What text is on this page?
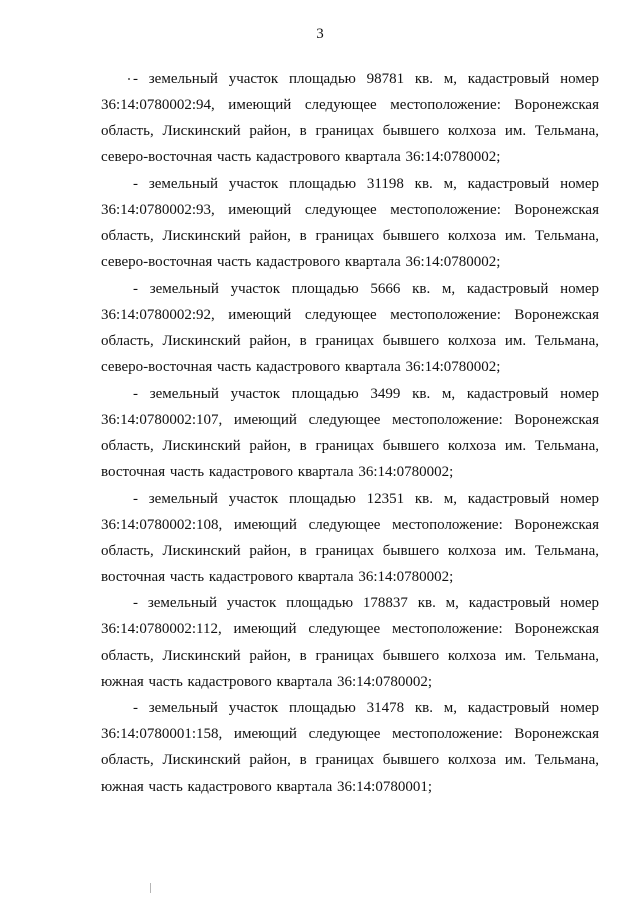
3

- земельный участок площадью 98781 кв. м, кадастровый номер 36:14:0780002:94, имеющий следующее местоположение: Воронежская область, Лискинский район, в границах бывшего колхоза им. Тельмана, северо-восточная часть кадастрового квартала 36:14:0780002;

- земельный участок площадью 31198 кв. м, кадастровый номер 36:14:0780002:93, имеющий следующее местоположение: Воронежская область, Лискинский район, в границах бывшего колхоза им. Тельмана, северо-восточная часть кадастрового квартала 36:14:0780002;

- земельный участок площадью 5666 кв. м, кадастровый номер 36:14:0780002:92, имеющий следующее местоположение: Воронежская область, Лискинский район, в границах бывшего колхоза им. Тельмана, северо-восточная часть кадастрового квартала 36:14:0780002;

- земельный участок площадью 3499 кв. м, кадастровый номер 36:14:0780002:107, имеющий следующее местоположение: Воронежская область, Лискинский район, в границах бывшего колхоза им. Тельмана, восточная часть кадастрового квартала 36:14:0780002;

- земельный участок площадью 12351 кв. м, кадастровый номер 36:14:0780002:108, имеющий следующее местоположение: Воронежская область, Лискинский район, в границах бывшего колхоза им. Тельмана, восточная часть кадастрового квартала 36:14:0780002;

- земельный участок площадью 178837 кв. м, кадастровый номер 36:14:0780002:112, имеющий следующее местоположение: Воронежская область, Лискинский район, в границах бывшего колхоза им. Тельмана, южная часть кадастрового квартала 36:14:0780002;

- земельный участок площадью 31478 кв. м, кадастровый номер 36:14:0780001:158, имеющий следующее местоположение: Воронежская область, Лискинский район, в границах бывшего колхоза им. Тельмана, южная часть кадастрового квартала 36:14:0780001;
